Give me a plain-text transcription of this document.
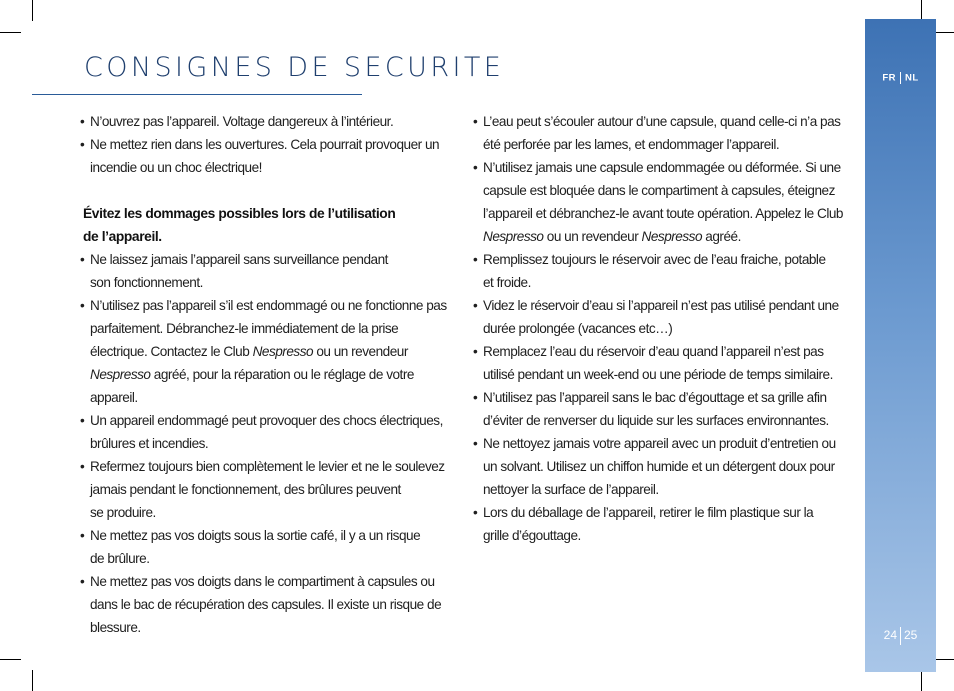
CONSIGNES DE SECURITE
• N’ouvrez pas l’appareil. Voltage dangereux à l’intérieur.
• Ne mettez rien dans les ouvertures. Cela pourrait provoquer un incendie ou un choc électrique!
Évitez les dommages possibles lors de l’utilisation
de l’appareil.
• Ne laissez jamais l’appareil sans surveillance pendant
son fonctionnement.
• N’utilisez pas l’appareil s’il est endommagé ou ne fonctionne pas parfaitement. Débranchez-le immédiatement de la prise électrique. Contactez le Club Nespresso ou un revendeur Nespresso agréé, pour la réparation ou le réglage de votre appareil.
• Un appareil endommagé peut provoquer des chocs électriques, brûlures et incendies.
• Refermez toujours bien complètement le levier et ne le soulevez jamais pendant le fonctionnement, des brûlures peuvent
se produire.
• Ne mettez pas vos doigts sous la sortie café, il y a un risque
de brûlure.
• Ne mettez pas vos doigts dans le compartiment à capsules ou dans le bac de récupération des capsules. Il existe un risque de blessure.
• L’eau peut s’écouler autour d’une capsule, quand celle-ci n’a pas été perforée par les lames, et endommager l’appareil.
• N’utilisez jamais une capsule endommagée ou déformée. Si une capsule est bloquée dans le compartiment à capsules, éteignez l’appareil et débranchez-le avant toute opération. Appelez le Club Nespresso ou un revendeur Nespresso agréé.
• Remplissez toujours le réservoir avec de l’eau fraiche, potable
et froide.
• Videz le réservoir d’eau si l’appareil n’est pas utilisé pendant une durée prolongée (vacances etc…)
• Remplacez l’eau du réservoir d’eau quand l’appareil n’est pas utilisé pendant un week-end ou une période de temps similaire.
• N’utilisez pas l’appareil sans le bac d’égouttage et sa grille afin d’éviter de renverser du liquide sur les surfaces environnantes.
• Ne nettoyez jamais votre appareil avec un produit d’entretien ou un solvant. Utilisez un chiffon humide et un détergent doux pour nettoyer la surface de l’appareil.
• Lors du déballage de l’appareil, retirer le film plastique sur la
grille d’égouttage.
FR NL
24 25
